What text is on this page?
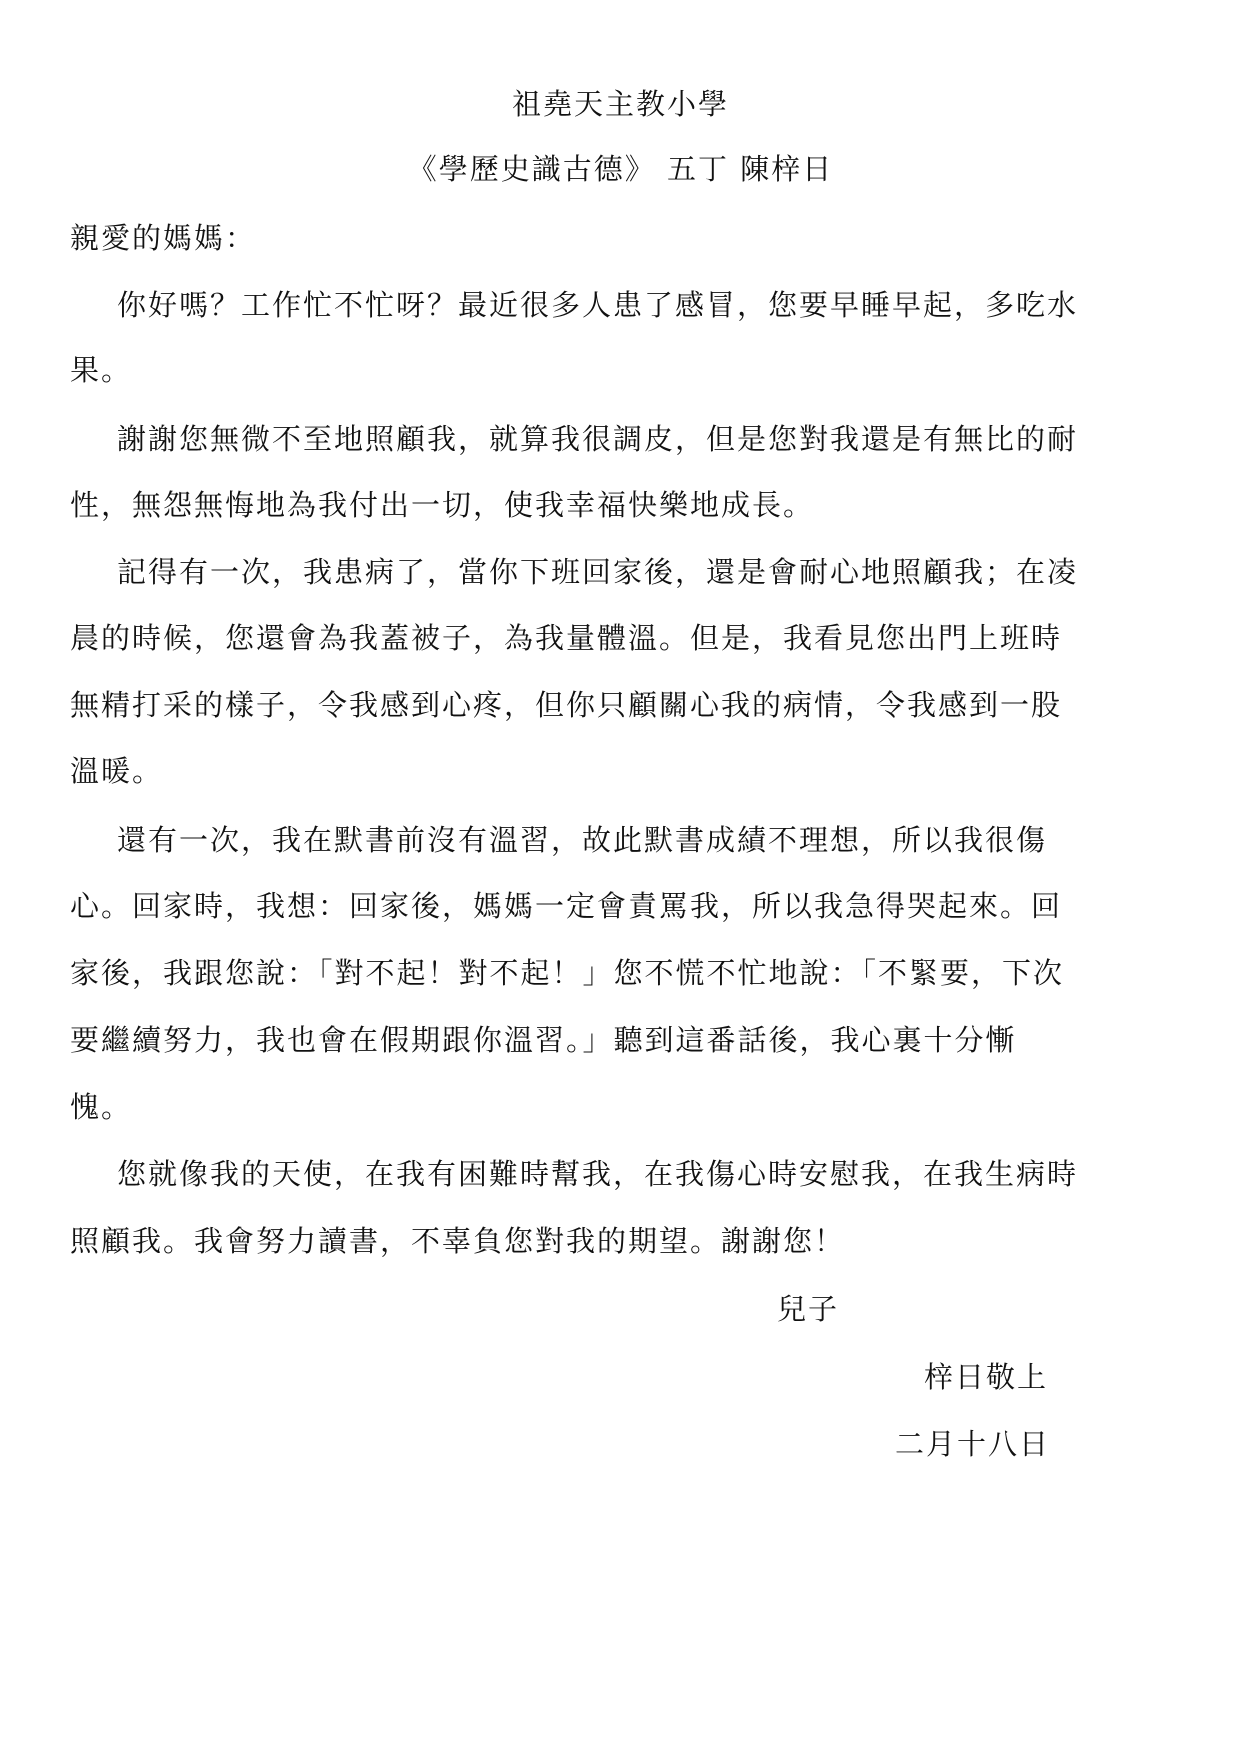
祖堯天主教小學
《學歷史識古德》 五丁 陳梓日
親愛的媽媽：
你好嗎？工作忙不忙呀？最近很多人患了感冒，您要早睡早起，多吃水
果。
謝謝您無微不至地照顧我，就算我很調皮，但是您對我還是有無比的耐
性，無怨無悔地為我付出一切，使我幸福快樂地成長。
記得有一次，我患病了，當你下班回家後，還是會耐心地照顧我；在凌
晨的時候，您還會為我蓋被子，為我量體溫。但是，我看見您出門上班時
無精打采的樣子，令我感到心疼，但你只顧關心我的病情，令我感到一股
溫暖。
還有一次，我在默書前沒有溫習，故此默書成績不理想，所以我很傷
心。回家時，我想：回家後，媽媽一定會責罵我，所以我急得哭起來。回
家後，我跟您說：「對不起！對不起！」您不慌不忙地說：「不緊要，下次
要繼續努力，我也會在假期跟你溫習。」聽到這番話後，我心裏十分慚
愧。
您就像我的天使，在我有困難時幫我，在我傷心時安慰我，在我生病時
照顧我。我會努力讀書，不辜負您對我的期望。謝謝您！
兒子
梓日敬上
二月十八日
